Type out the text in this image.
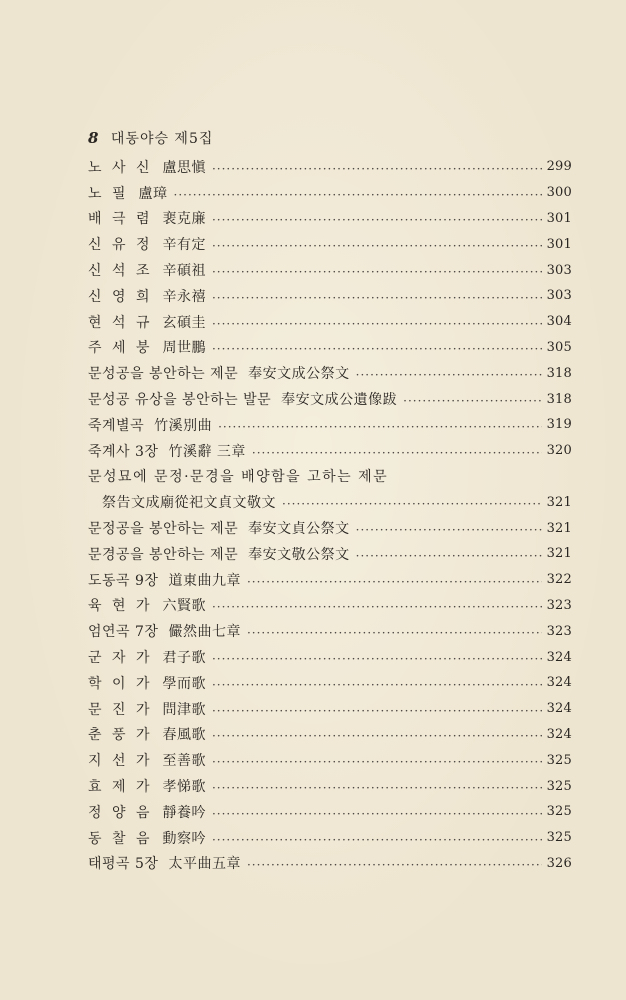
8 대동야승 제5집
노 사 신 盧思愼 ·····	299
노 필 盧璋 ·····	300
배 극 렴 裵克廉 ·····	301
신 유 정 辛有定 ·····	301
신 석 조 辛碩祖 ·····	303
신 영 희 辛永禧 ·····	303
현 석 규 玄碩圭 ·····	304
주 세 붕 周世鵬 ·····	305
문성공을 봉안하는 제문 奉安文成公祭文 ·····	318
문성공 유상을 봉안하는 발문 奉安文成公遺像跋 ·····	318
죽계별곡 竹溪別曲 ·····	319
죽계사 3장 竹溪辭 三章 ·····	320
문성묘에 문정·문경을 배양함을 고하는 제문
祭告文成廟從祀文貞文敬文 ·····	321
문정공을 봉안하는 제문 奉安文貞公祭文 ·····	321
문경공을 봉안하는 제문 奉安文敬公祭文 ·····	321
도동곡 9장 道東曲九章 ·····	322
육 현 가 六賢歌 ·····	323
엄연곡 7장 儼然曲七章 ·····	323
군 자 가 君子歌 ·····	324
학 이 가 學而歌 ·····	324
문 진 가 問津歌 ·····	324
춘 풍 가 春風歌 ·····	324
지 선 가 至善歌 ·····	325
효 제 가 孝悌歌 ·····	325
정 양 음 靜養吟 ·····	325
동 찰 음 動察吟 ·····	325
태평곡 5장 太平曲五章 ·····	326
